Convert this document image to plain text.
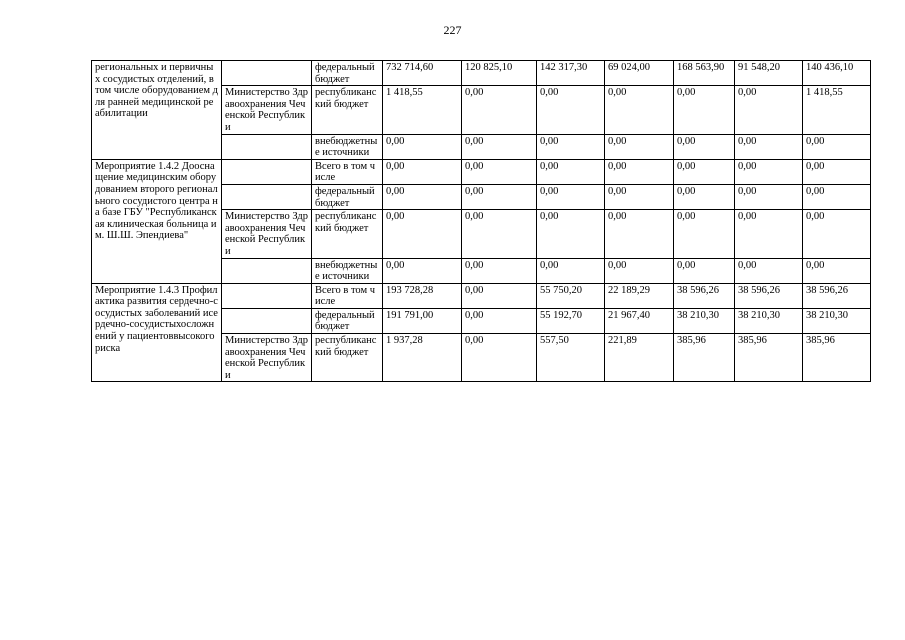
227
региональных и первичных сосудистых отделений, в том числе оборудованием для ранней медицинской реабилитации		федеральный бюджет	732 714,60	120 825,10	142 317,30	69 024,00	168 563,90	91 548,20	140 436,10
	Министерство Здравоохранения Чеченской Республики	республиканский бюджет	1 418,55	0,00	0,00	0,00	0,00	0,00	1 418,55
		внебюджетные источники	0,00	0,00	0,00	0,00	0,00	0,00	0,00
Мероприятие 1.4.2 Дооснащение медицинским оборудованием второго регионального сосудистого центра на базе ГБУ "Республиканская клиническая больница им. Ш.Ш. Эпендиева"		Всего в том числе	0,00	0,00	0,00	0,00	0,00	0,00	0,00
		федеральный бюджет	0,00	0,00	0,00	0,00	0,00	0,00	0,00
	Министерство Здравоохранения Чеченской Республики	республиканский бюджет	0,00	0,00	0,00	0,00	0,00	0,00	0,00
		внебюджетные источники	0,00	0,00	0,00	0,00	0,00	0,00	0,00
Мероприятие 1.4.3 Профилактика развития сердечно-сосудистых заболеваний исердечно-сосудистыхосложнений у пациентоввысокого риска		Всего в том числе	193 728,28	0,00	55 750,20	22 189,29	38 596,26	38 596,26	38 596,26
		федеральный бюджет	191 791,00	0,00	55 192,70	21 967,40	38 210,30	38 210,30	38 210,30
	Министерство Здравоохранения Чеченской Республики	республиканский бюджет	1 937,28	0,00	557,50	221,89	385,96	385,96	385,96
